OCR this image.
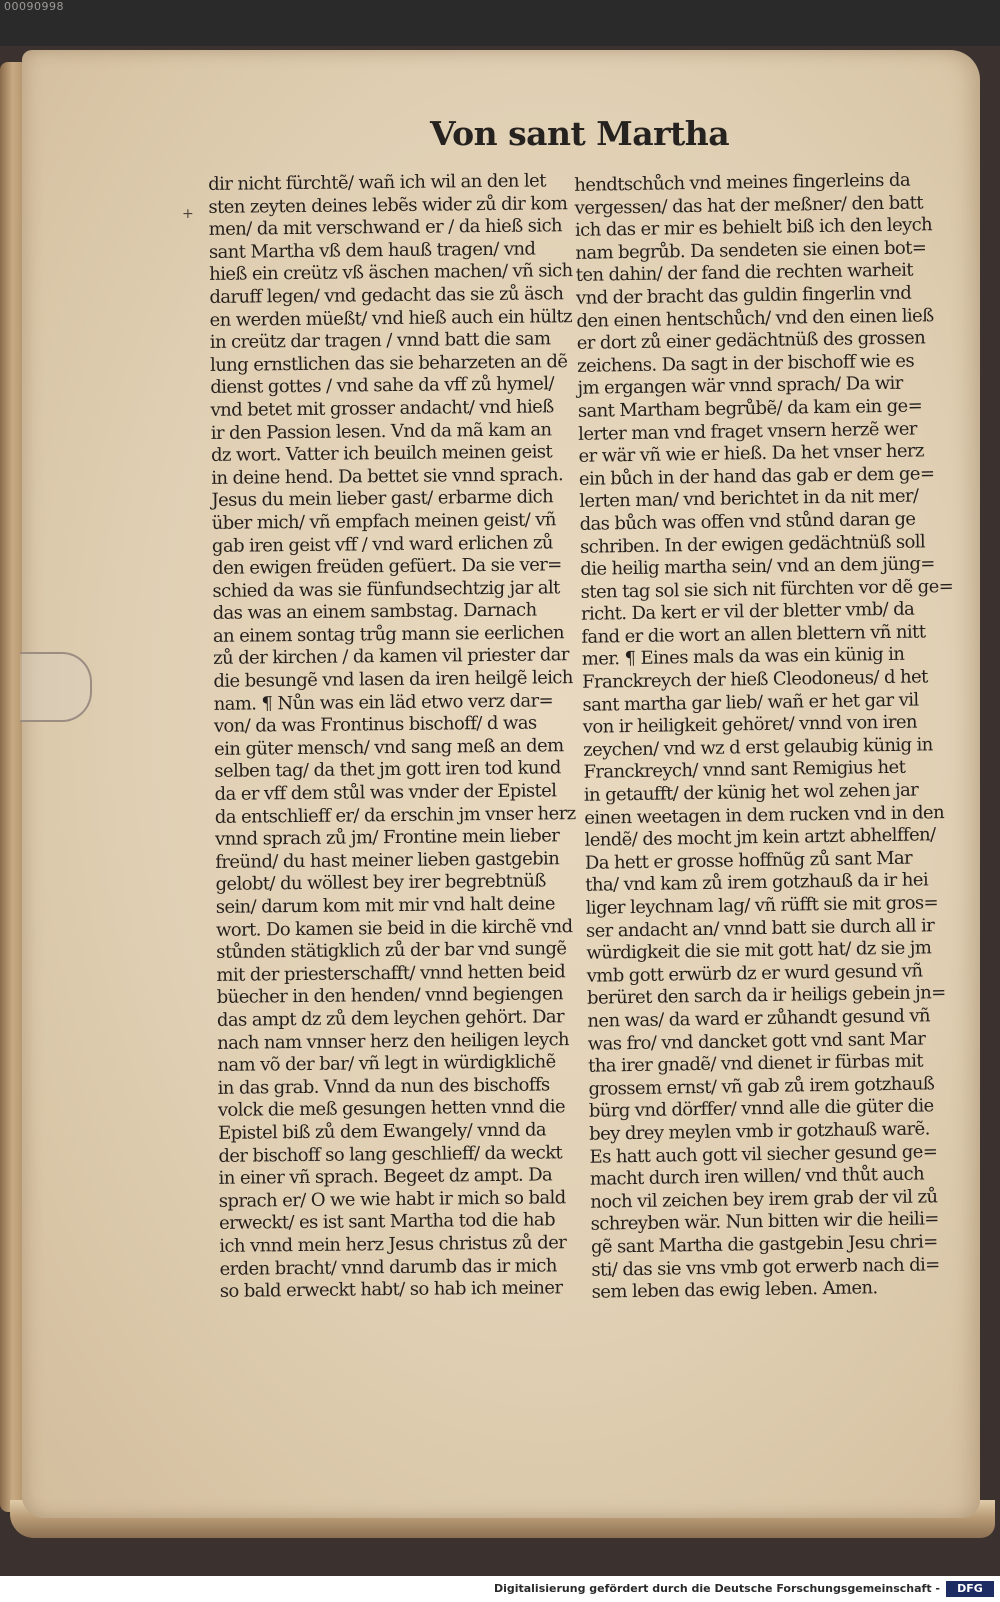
00090998
Von sant Martha
+
dir nicht fürchtẽ/ wañ ich wil an den let
sten zeyten deines lebẽs wider zů dir kom
men/ da mit verschwand er / da hieß sich
sant Martha vß dem hauß tragen/ vnd
hieß ein creütz vß äschen machen/ vñ sich
daruff legen/ vnd gedacht das sie zů äsch
en werden müeßt/ vnd hieß auch ein hültz
in creütz dar tragen / vnnd batt die sam
lung ernstlichen das sie beharzeten an dẽ
dienst gottes / vnd sahe da vff zů hymel/
vnd betet mit grosser andacht/ vnd hieß
ir den Passion lesen. Vnd da mã kam an
dz wort. Vatter ich beuilch meinen geist
in deine hend. Da bettet sie vnnd sprach.
Jesus du mein lieber gast/ erbarme dich
über mich/ vñ empfach meinen geist/ vñ
gab iren geist vff / vnd ward erlichen zů
den ewigen freüden gefüert. Da sie ver=
schied da was sie fünfundsechtzig jar alt
das was an einem sambstag. Darnach
an einem sontag trůg mann sie eerlichen
zů der kirchen / da kamen vil priester dar
die besungẽ vnd lasen da iren heilgẽ leich
nam. ¶ Nůn was ein läd etwo verz dar=
von/ da was Frontinus bischoff/ d was
ein güter mensch/ vnd sang meß an dem
selben tag/ da thet jm gott iren tod kund
da er vff dem stůl was vnder der Epistel
da entschlieff er/ da erschin jm vnser herz
vnnd sprach zů jm/ Frontine mein lieber
freünd/ du hast meiner lieben gastgebin
gelobt/ du wöllest bey irer begrebtnüß
sein/ darum kom mit mir vnd halt deine
wort. Do kamen sie beid in die kirchẽ vnd
stůnden stätigklich zů der bar vnd sungẽ
mit der priesterschafft/ vnnd hetten beid
büecher in den henden/ vnnd begiengen
das ampt dz zů dem leychen gehört. Dar
nach nam vnnser herz den heiligen leych
nam võ der bar/ vñ legt in würdigklichẽ
in das grab. Vnnd da nun des bischoffs
volck die meß gesungen hetten vnnd die
Epistel biß zů dem Ewangely/ vnnd da
der bischoff so lang geschlieff/ da weckt
in einer vñ sprach. Begeet dz ampt. Da
sprach er/ O we wie habt ir mich so bald
erweckt/ es ist sant Martha tod die hab
ich vnnd mein herz Jesus christus zů der
erden bracht/ vnnd darumb das ir mich
so bald erweckt habt/ so hab ich meiner
hendtschůch vnd meines fingerleins da
vergessen/ das hat der meßner/ den batt
ich das er mir es behielt biß ich den leych
nam begrůb. Da sendeten sie einen bot=
ten dahin/ der fand die rechten warheit
vnd der bracht das guldin fingerlin vnd
den einen hentschůch/ vnd den einen ließ
er dort zů einer gedächtnüß des grossen
zeichens. Da sagt in der bischoff wie es
jm ergangen wär vnnd sprach/ Da wir
sant Martham begrůbẽ/ da kam ein ge=
lerter man vnd fraget vnsern herzẽ wer
er wär vñ wie er hieß. Da het vnser herz
ein bůch in der hand das gab er dem ge=
lerten man/ vnd berichtet in da nit mer/
das bůch was offen vnd stůnd daran ge
schriben. In der ewigen gedächtnüß soll
die heilig martha sein/ vnd an dem jüng=
sten tag sol sie sich nit fürchten vor dẽ ge=
richt. Da kert er vil der bletter vmb/ da
fand er die wort an allen blettern vñ nitt
mer. ¶ Eines mals da was ein künig in
Franckreych der hieß Cleodoneus/ d het
sant martha gar lieb/ wañ er het gar vil
von ir heiligkeit gehöret/ vnnd von iren
zeychen/ vnd wz d erst gelaubig künig in
Franckreych/ vnnd sant Remigius het
in getaufft/ der künig het wol zehen jar
einen weetagen in dem rucken vnd in den
lendẽ/ des mocht jm kein artzt abhelffen/
Da hett er grosse hoffnũg zů sant Mar
tha/ vnd kam zů irem gotzhauß da ir hei
liger leychnam lag/ vñ rüfft sie mit gros=
ser andacht an/ vnnd batt sie durch all ir
würdigkeit die sie mit gott hat/ dz sie jm
vmb gott erwürb dz er wurd gesund vñ
berüret den sarch da ir heiligs gebein jn=
nen was/ da ward er zůhandt gesund vñ
was fro/ vnd dancket gott vnd sant Mar
tha irer gnadẽ/ vnd dienet ir fürbas mit
grossem ernst/ vñ gab zů irem gotzhauß
bürg vnd dörffer/ vnnd alle die güter die
bey drey meylen vmb ir gotzhauß warẽ.
Es hatt auch gott vil siecher gesund ge=
macht durch iren willen/ vnd thůt auch
noch vil zeichen bey irem grab der vil zů
schreyben wär. Nun bitten wir die heili=
gẽ sant Martha die gastgebin Jesu chri=
sti/ das sie vns vmb got erwerb nach di=
sem leben das ewig leben. Amen.
Digitalisierung gefördert durch die Deutsche Forschungsgemeinschaft -	DFG
